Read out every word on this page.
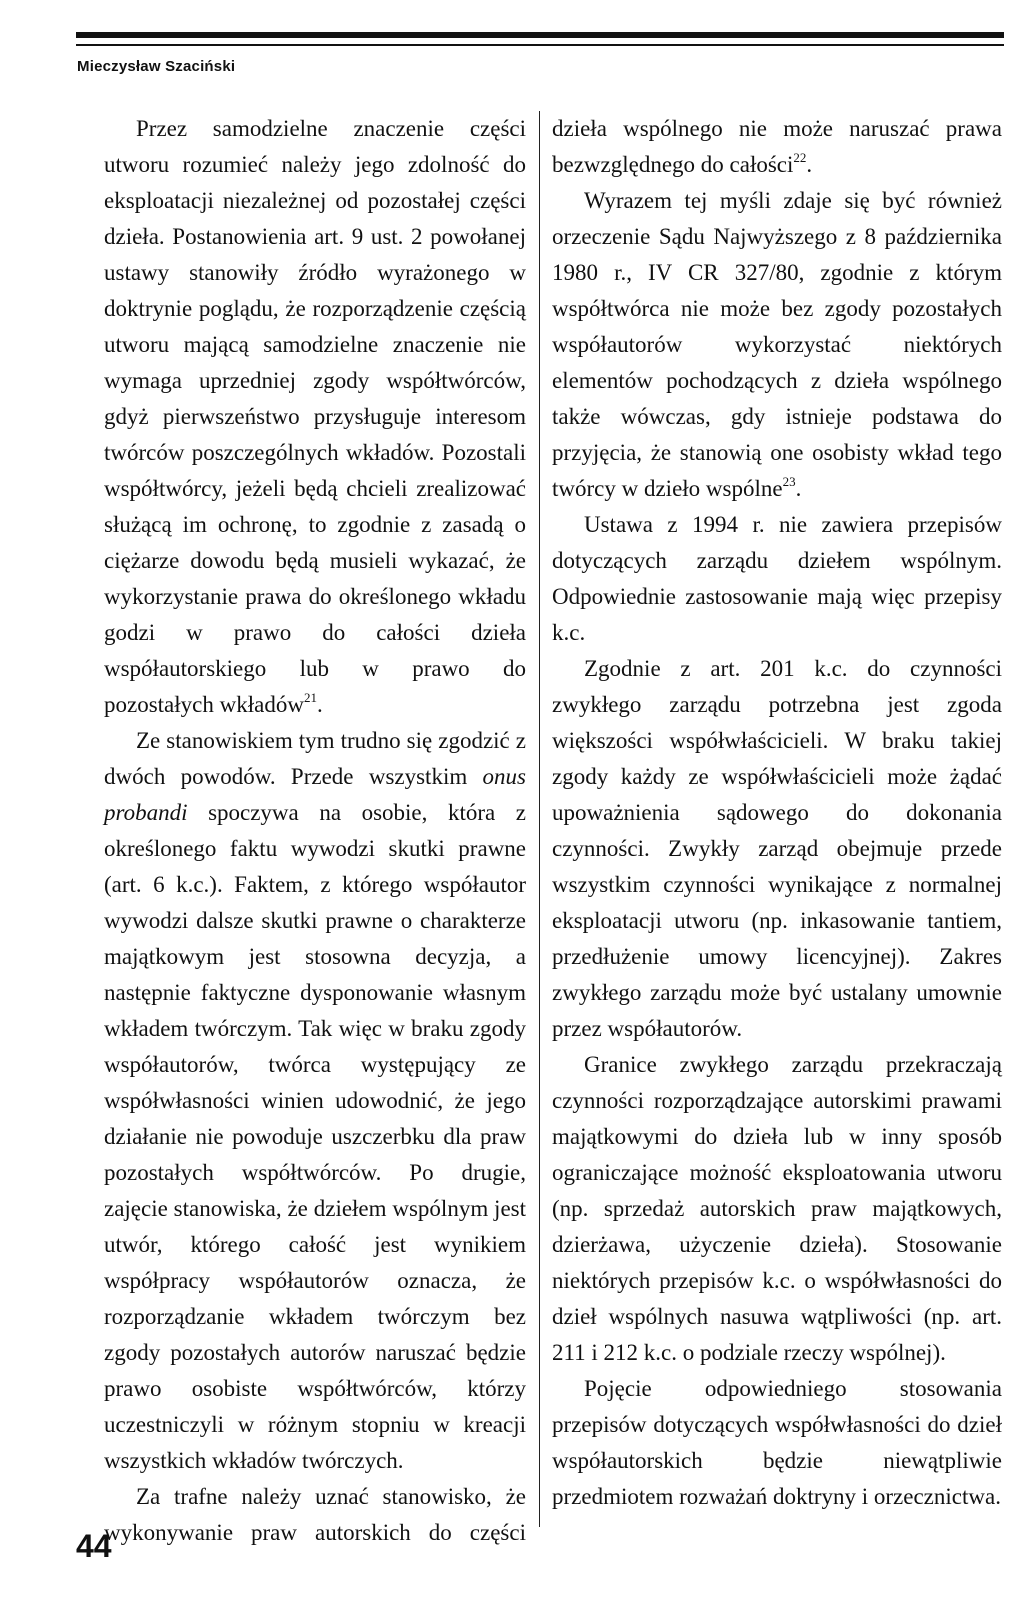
Mieczysław Szaciński

Przez samodzielne znaczenie części utworu rozumieć należy jego zdolność do eksploatacji niezależnej od pozostałej części dzieła. Postanowienia art. 9 ust. 2 powołanej ustawy stanowiły źródło wyrażonego w doktrynie poglądu, że rozporządzenie częścią utworu mającą samodzielne znaczenie nie wymaga uprzedniej zgody współtwórców, gdyż pierwszeństwo przysługuje interesom twórców poszczególnych wkładów. Pozostali współtwórcy, jeżeli będą chcieli zrealizować służącą im ochronę, to zgodnie z zasadą o ciężarze dowodu będą musieli wykazać, że wykorzystanie prawa do określonego wkładu godzi w prawo do całości dzieła współautorskiego lub w prawo do pozostałych wkładów$^{21}$.

Ze stanowiskiem tym trudno się zgodzić z dwóch powodów. Przede wszystkim onus probandi spoczywa na osobie, która z określonego faktu wywodzi skutki prawne (art. 6 k.c.). Faktem, z którego współautor wywodzi dalsze skutki prawne o charakterze majątkowym jest stosowna decyzja, a następnie faktyczne dysponowanie własnym wkładem twórczym. Tak więc w braku zgody współautorów, twórca występujący ze współwłasności winien udowodnić, że jego działanie nie powoduje uszczerbku dla praw pozostałych współtwórców. Po drugie, zajęcie stanowiska, że dziełem wspólnym jest utwór, którego całość jest wynikiem współpracy współautorów oznacza, że rozporządzanie wkładem twórczym bez zgody pozostałych autorów naruszać będzie prawo osobiste współtwórców, którzy uczestniczyli w różnym stopniu w kreacji wszystkich wkładów twórczych.

Za trafne należy uznać stanowisko, że wykonywanie praw autorskich do części

dzieła wspólnego nie może naruszać prawa bezwzględnego do całości$^{22}$.

Wyrazem tej myśli zdaje się być również orzeczenie Sądu Najwyższego z 8 października 1980 r., IV CR 327/80, zgodnie z którym współtwórca nie może bez zgody pozostałych współautorów wykorzystać niektórych elementów pochodzących z dzieła wspólnego także wówczas, gdy istnieje podstawa do przyjęcia, że stanowią one osobisty wkład tego twórcy w dzieło wspólne$^{23}$.

Ustawa z 1994 r. nie zawiera przepisów dotyczących zarządu dziełem wspólnym. Odpowiednie zastosowanie mają więc przepisy k.c.

Zgodnie z art. 201 k.c. do czynności zwykłego zarządu potrzebna jest zgoda większości współwłaścicieli. W braku takiej zgody każdy ze współwłaścicieli może żądać upoważnienia sądowego do dokonania czynności. Zwykły zarząd obejmuje przede wszystkim czynności wynikające z normalnej eksploatacji utworu (np. inkasowanie tantiem, przedłużenie umowy licencyjnej). Zakres zwykłego zarządu może być ustalany umownie przez współautorów.

Granice zwykłego zarządu przekraczają czynności rozporządzające autorskimi prawami majątkowymi do dzieła lub w inny sposób ograniczające możność eksploatowania utworu (np. sprzedaż autorskich praw majątkowych, dzierżawa, użyczenie dzieła). Stosowanie niektórych przepisów k.c. o współwłasności do dzieł wspólnych nasuwa wątpliwości (np. art. 211 i 212 k.c. o podziale rzeczy wspólnej).

Pojęcie odpowiedniego stosowania przepisów dotyczących współwłasności do dzieł współautorskich będzie niewątpliwie przedmiotem rozważań doktryny i orzecznictwa.

44
